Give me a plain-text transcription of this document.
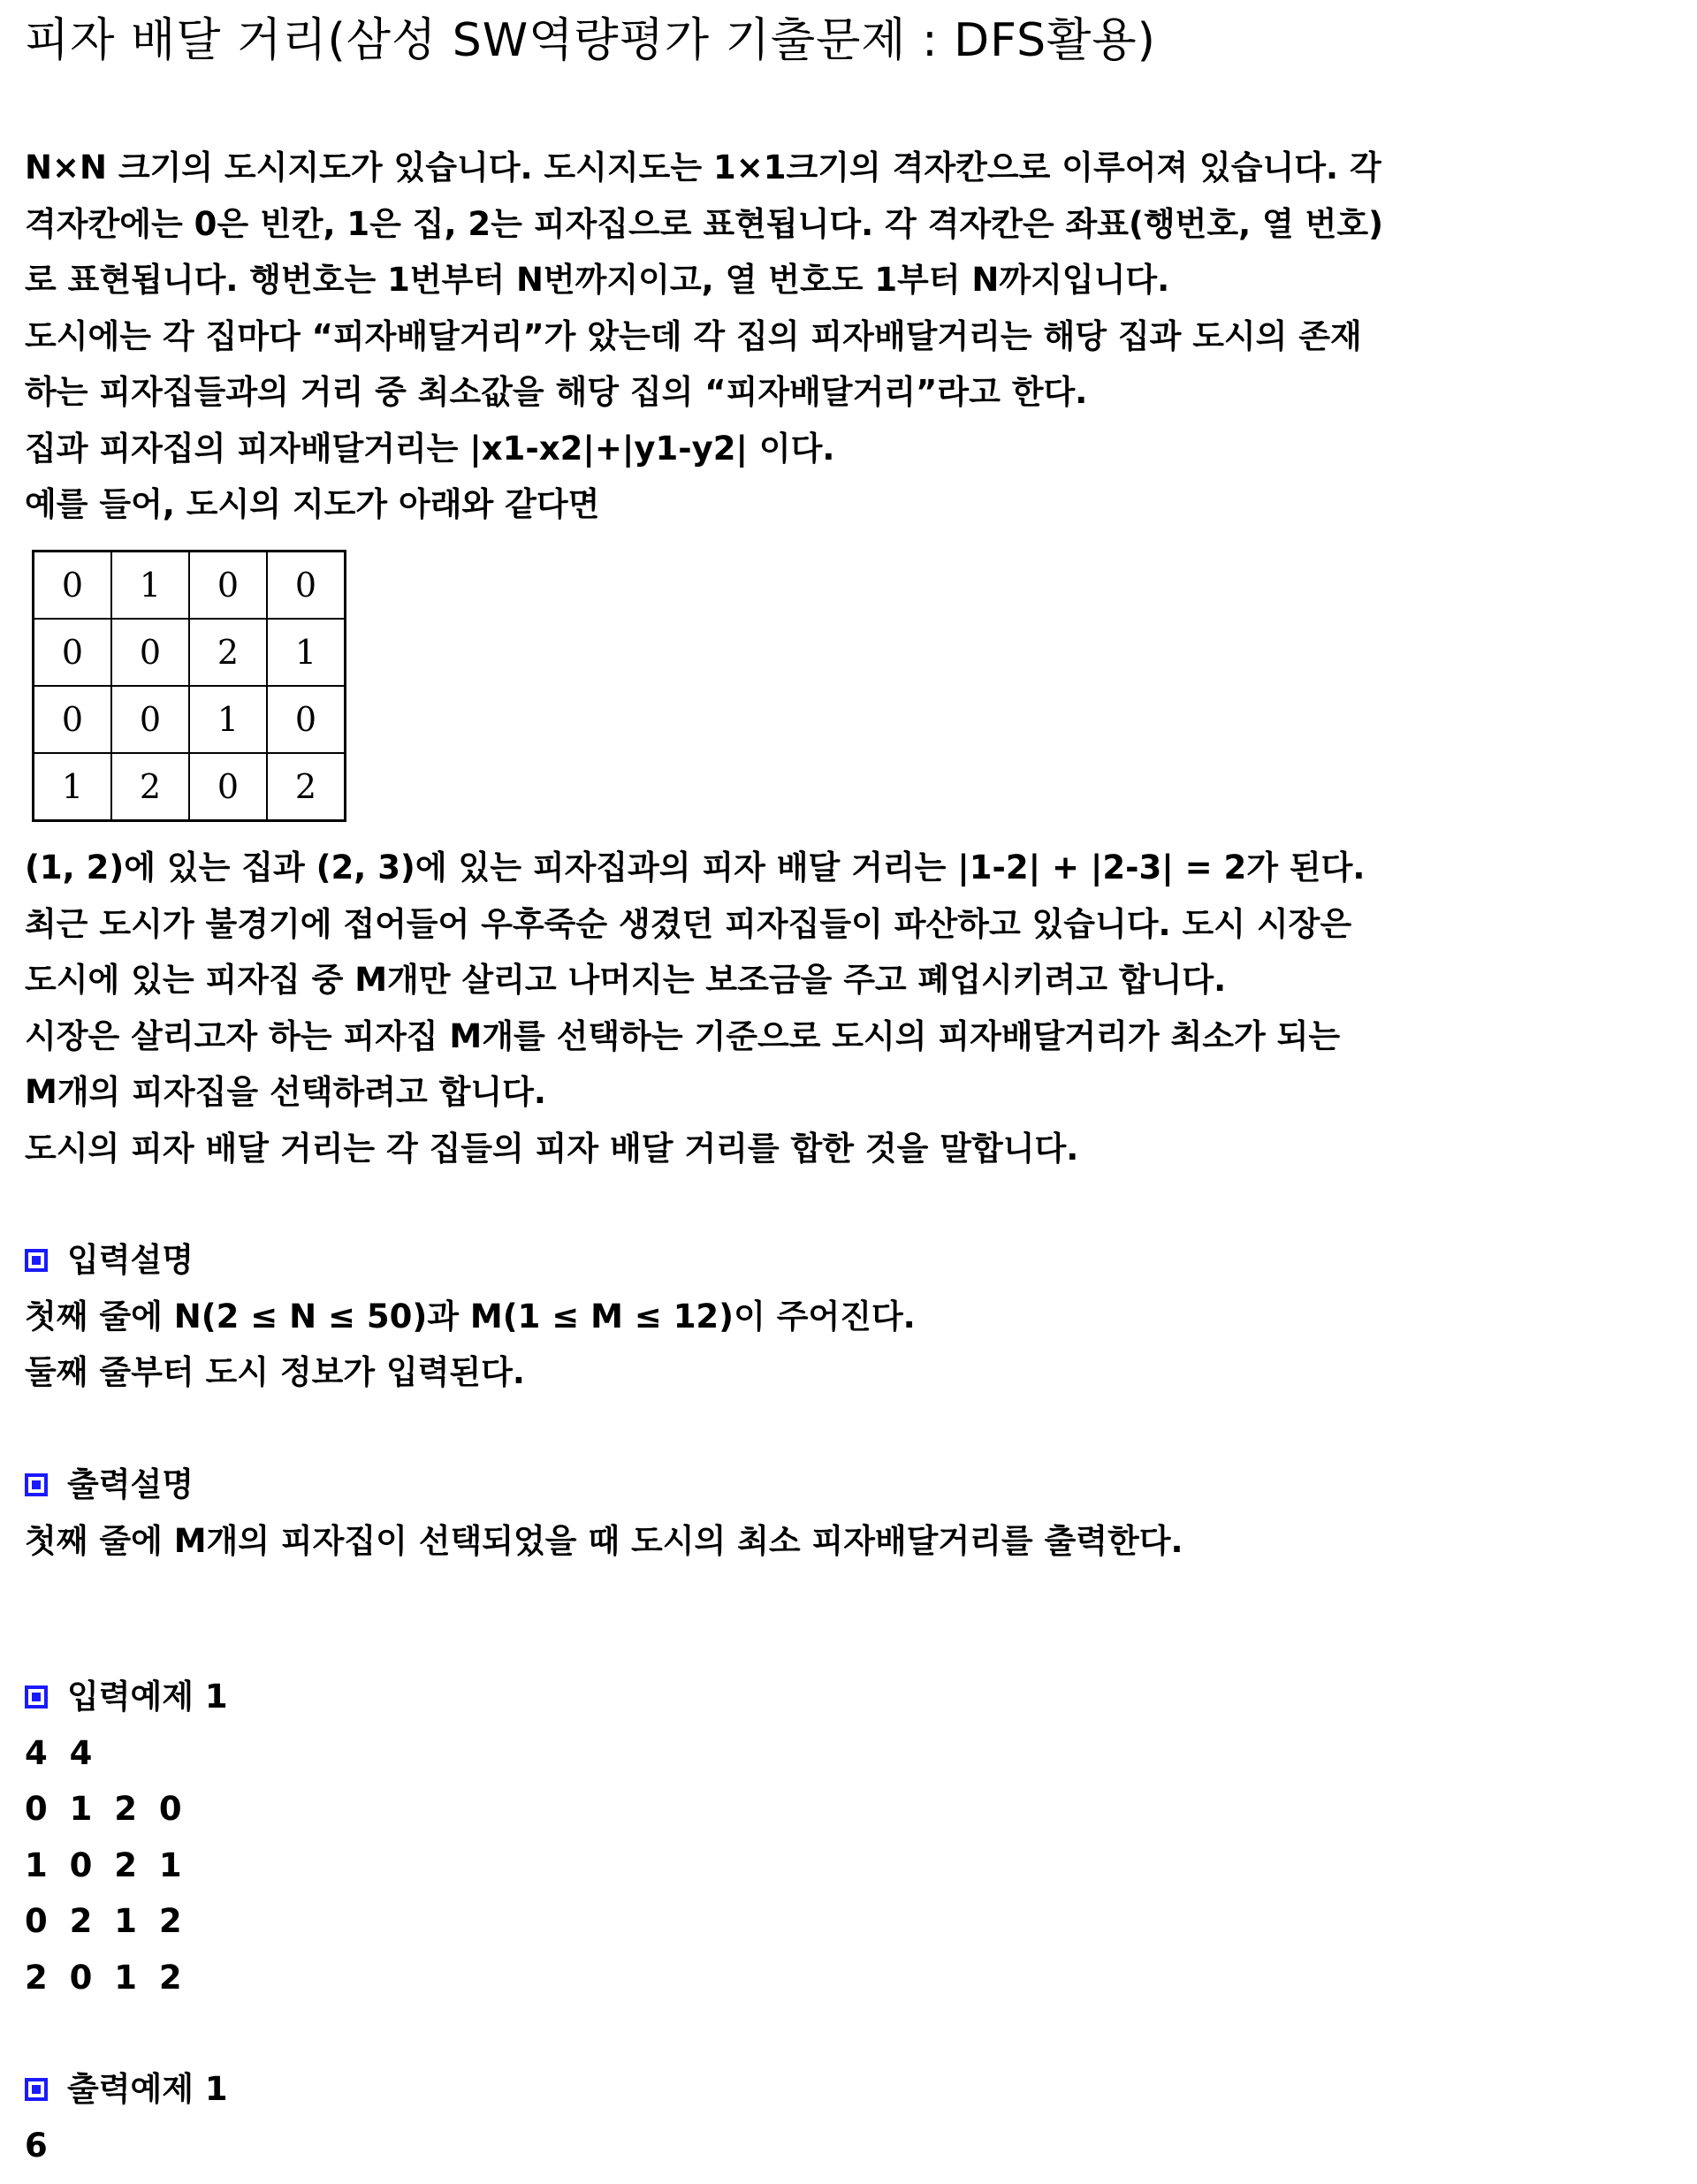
피자 배달 거리(삼성 SW역량평가 기출문제 : DFS활용)
N×N 크기의 도시지도가 있습니다. 도시지도는 1×1크기의 격자칸으로 이루어져 있습니다. 각
격자칸에는 0은 빈칸, 1은 집, 2는 피자집으로 표현됩니다. 각 격자칸은 좌표(행번호, 열 번호)
로 표현됩니다. 행번호는 1번부터 N번까지이고, 열 번호도 1부터 N까지입니다.
도시에는 각 집마다 “피자배달거리”가 았는데 각 집의 피자배달거리는 해당 집과 도시의 존재
하는 피자집들과의 거리 중 최소값을 해당 집의 “피자배달거리”라고 한다.
집과 피자집의 피자배달거리는 |x1-x2|+|y1-y2| 이다.
예를 들어, 도시의 지도가 아래와 같다면
0	1	0	0
0	0	2	1
0	0	1	0
1	2	0	2
(1, 2)에 있는 집과 (2, 3)에 있는 피자집과의 피자 배달 거리는 |1-2| + |2-3| = 2가 된다.
최근 도시가 불경기에 접어들어 우후죽순 생겼던 피자집들이 파산하고 있습니다. 도시 시장은
도시에 있는 피자집 중 M개만 살리고 나머지는 보조금을 주고 폐업시키려고 합니다.
시장은 살리고자 하는 피자집 M개를 선택하는 기준으로 도시의 피자배달거리가 최소가 되는
M개의 피자집을 선택하려고 합니다.
도시의 피자 배달 거리는 각 집들의 피자 배달 거리를 합한 것을 말합니다.
입력설명
첫째 줄에 N(2 ≤ N ≤ 50)과 M(1 ≤ M ≤ 12)이 주어진다.
둘째 줄부터 도시 정보가 입력된다.
출력설명
첫째 줄에 M개의 피자집이 선택되었을 때 도시의 최소 피자배달거리를 출력한다.
입력예제 1
4 4
0 1 2 0
1 0 2 1
0 2 1 2
2 0 1 2
출력예제 1
6
